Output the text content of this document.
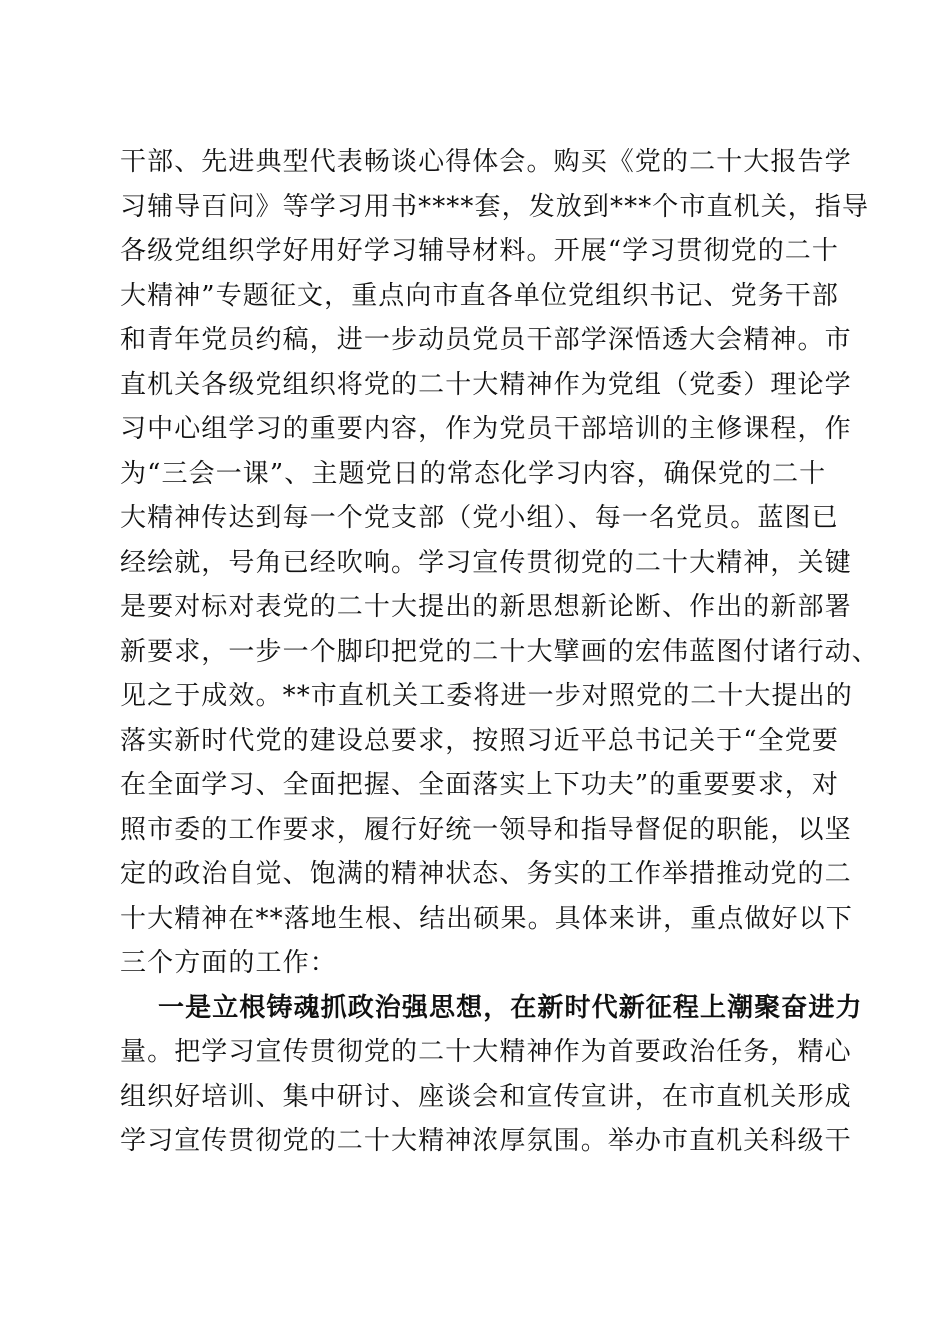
干部、先进典型代表畅谈心得体会。购买《党的二十大报告学
习辅导百问》等学习用书****套，发放到***个市直机关，指导
各级党组织学好用好学习辅导材料。开展“学习贯彻党的二十
大精神”专题征文，重点向市直各单位党组织书记、党务干部
和青年党员约稿，进一步动员党员干部学深悟透大会精神。市
直机关各级党组织将党的二十大精神作为党组（党委）理论学
习中心组学习的重要内容，作为党员干部培训的主修课程，作
为“三会一课”、主题党日的常态化学习内容，确保党的二十
大精神传达到每一个党支部（党小组）、每一名党员。蓝图已
经绘就，号角已经吹响。学习宣传贯彻党的二十大精神，关键
是要对标对表党的二十大提出的新思想新论断、作出的新部署
新要求，一步一个脚印把党的二十大擘画的宏伟蓝图付诸行动、
见之于成效。**市直机关工委将进一步对照党的二十大提出的
落实新时代党的建设总要求，按照习近平总书记关于“全党要
在全面学习、全面把握、全面落实上下功夫”的重要要求，对
照市委的工作要求，履行好统一领导和指导督促的职能，以坚
定的政治自觉、饱满的精神状态、务实的工作举措推动党的二
十大精神在**落地生根、结出硕果。具体来讲，重点做好以下
三个方面的工作：
一是立根铸魂抓政治强思想，在新时代新征程上潮聚奋进力
量。把学习宣传贯彻党的二十大精神作为首要政治任务，精心
组织好培训、集中研讨、座谈会和宣传宣讲，在市直机关形成
学习宣传贯彻党的二十大精神浓厚氛围。举办市直机关科级干
